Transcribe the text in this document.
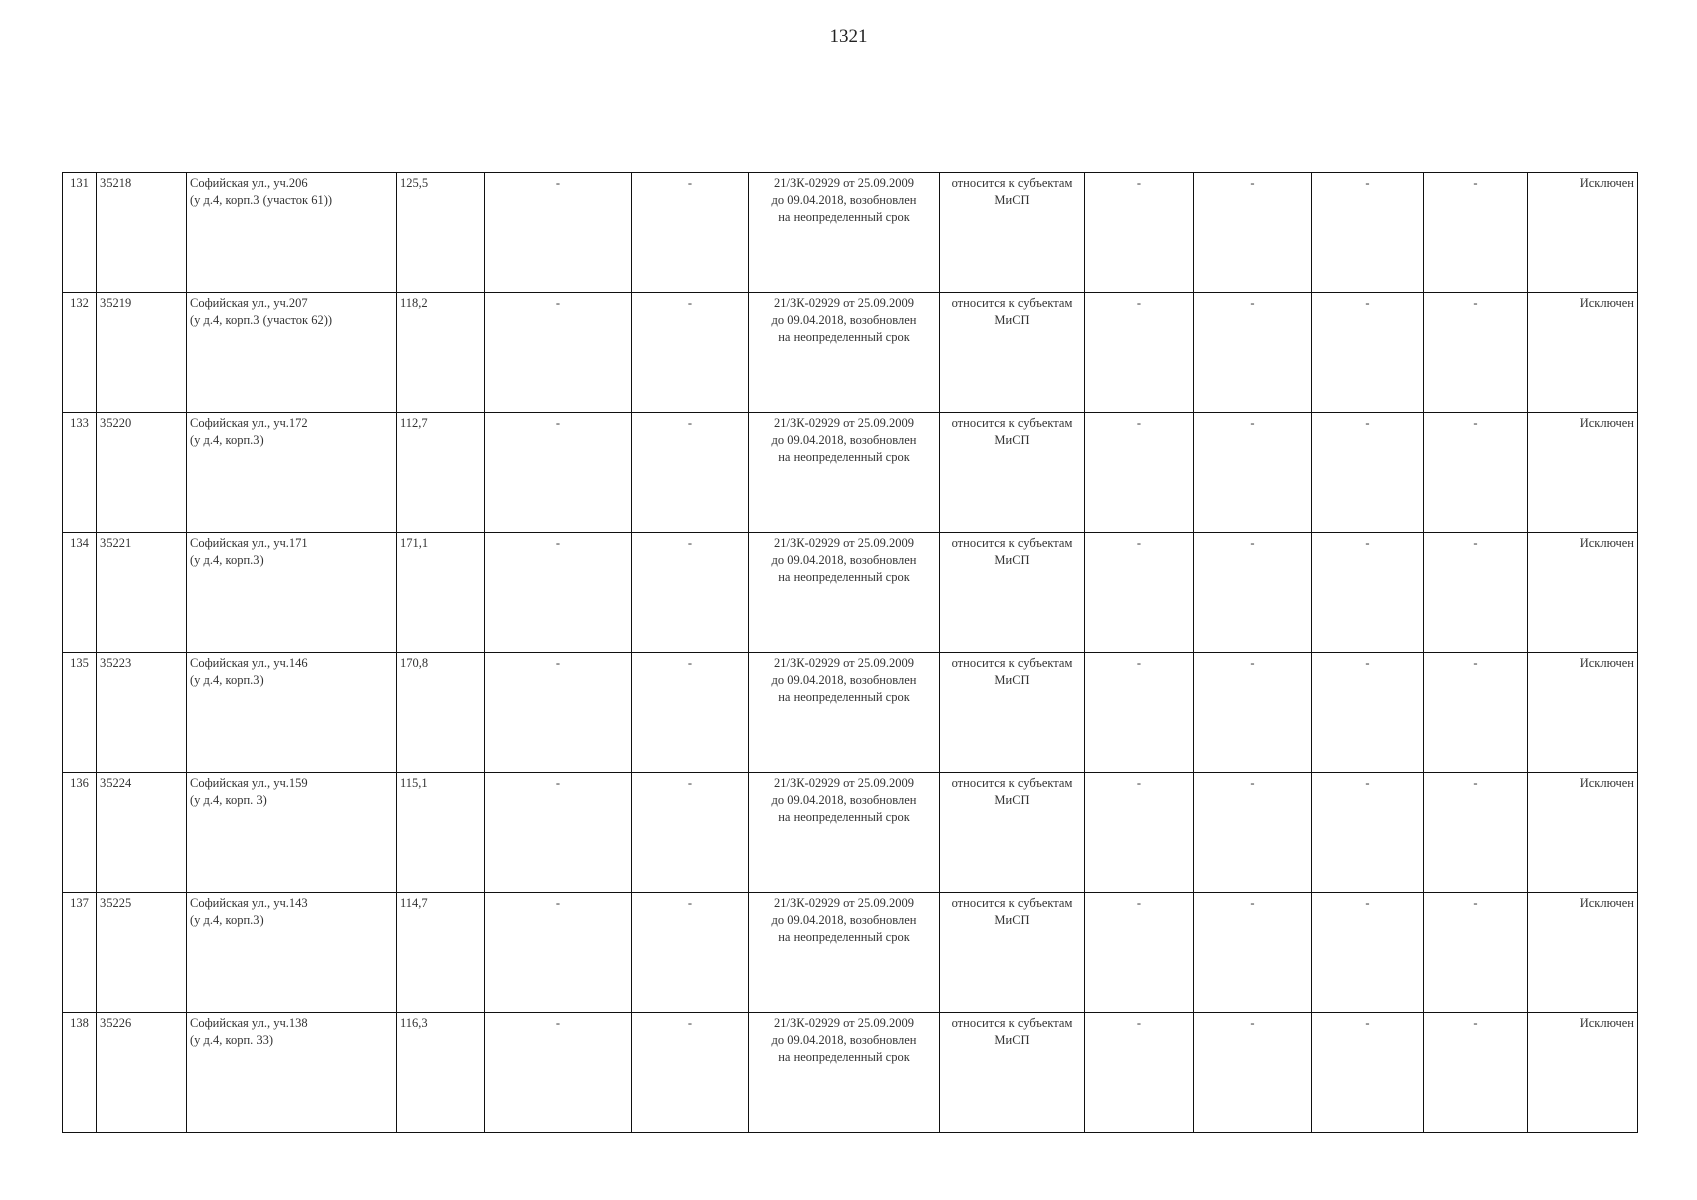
1321
131	35218	Софийская ул., уч.206
(у д.4, корп.3 (участок 61))	125,5	-	-	21/ЗК-02929 от 25.09.2009
до 09.04.2018, возобновлен
на неопределенный срок	относится к субъектам
МиСП	-	-	-	-	Исключен
132	35219	Софийская ул., уч.207
(у д.4, корп.3 (участок 62))	118,2	-	-	21/ЗК-02929 от 25.09.2009
до 09.04.2018, возобновлен
на неопределенный срок	относится к субъектам
МиСП	-	-	-	-	Исключен
133	35220	Софийская ул., уч.172
(у д.4, корп.3)	112,7	-	-	21/ЗК-02929 от 25.09.2009
до 09.04.2018, возобновлен
на неопределенный срок	относится к субъектам
МиСП	-	-	-	-	Исключен
134	35221	Софийская ул., уч.171
(у д.4, корп.3)	171,1	-	-	21/ЗК-02929 от 25.09.2009
до 09.04.2018, возобновлен
на неопределенный срок	относится к субъектам
МиСП	-	-	-	-	Исключен
135	35223	Софийская ул., уч.146
(у д.4, корп.3)	170,8	-	-	21/ЗК-02929 от 25.09.2009
до 09.04.2018, возобновлен
на неопределенный срок	относится к субъектам
МиСП	-	-	-	-	Исключен
136	35224	Софийская ул., уч.159
(у д.4, корп. 3)	115,1	-	-	21/ЗК-02929 от 25.09.2009
до 09.04.2018, возобновлен
на неопределенный срок	относится к субъектам
МиСП	-	-	-	-	Исключен
137	35225	Софийская ул., уч.143
(у д.4, корп.3)	114,7	-	-	21/ЗК-02929 от 25.09.2009
до 09.04.2018, возобновлен
на неопределенный срок	относится к субъектам
МиСП	-	-	-	-	Исключен
138	35226	Софийская ул., уч.138
(у д.4, корп. 33)	116,3	-	-	21/ЗК-02929 от 25.09.2009
до 09.04.2018, возобновлен
на неопределенный срок	относится к субъектам
МиСП	-	-	-	-	Исключен
